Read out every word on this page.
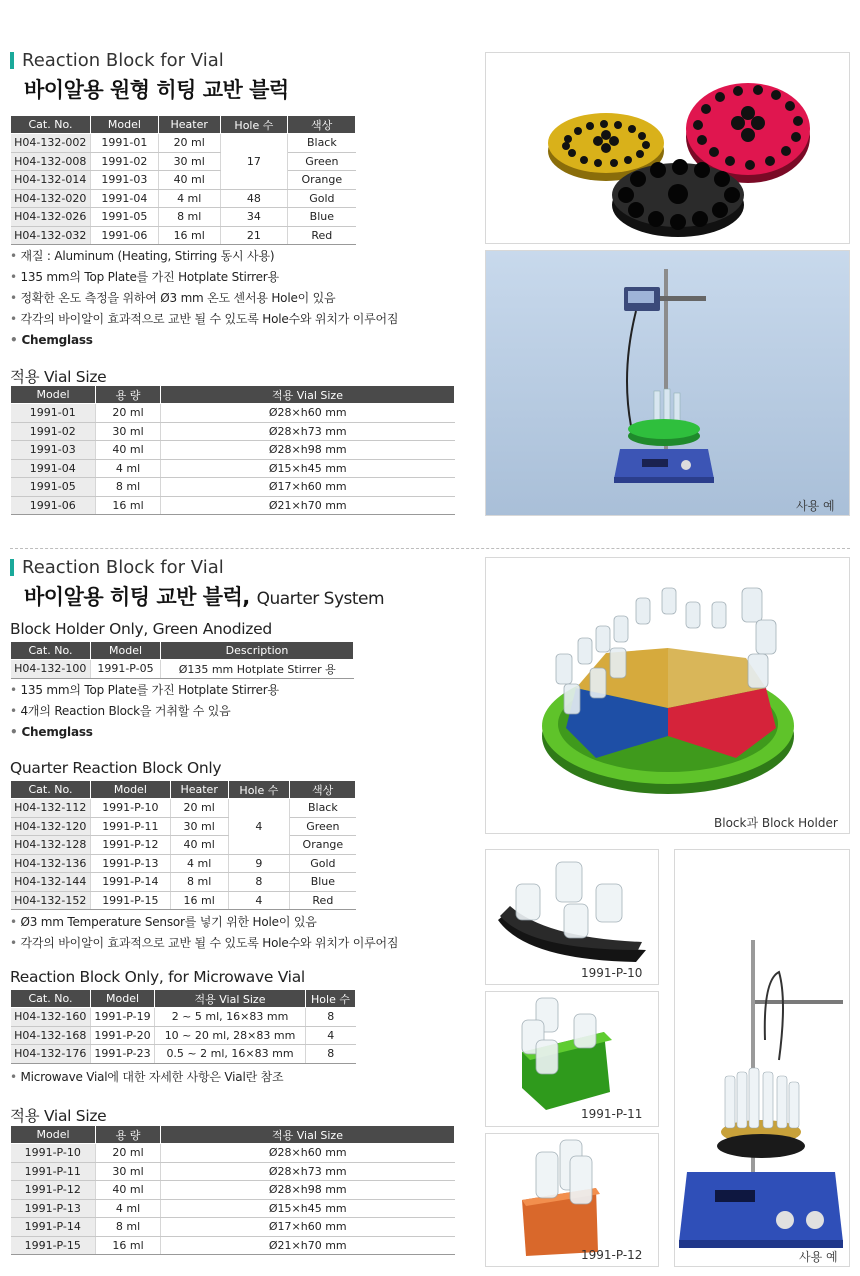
Reaction Block for Vial
바이알용 원형 히팅 교반 블럭
Cat. No.	Model	Heater	Hole 수	색상
H04-132-002	1991-01	20 ml	17	Black
H04-132-008	1991-02	30 ml		Green
H04-132-014	1991-03	40 ml		Orange
H04-132-020	1991-04	4 ml	48	Gold
H04-132-026	1991-05	8 ml	34	Blue
H04-132-032	1991-06	16 ml	21	Red
• 재질 : Aluminum (Heating, Stirring 동시 사용)
• 135 mm의 Top Plate를 가진 Hotplate Stirrer용
• 정확한 온도 측정을 위하여 Ø3 mm 온도 센서용 Hole이 있음
• 각각의 바이알이 효과적으로 교반 될 수 있도록 Hole수와 위치가 이루어짐
• Chemglass
적용 Vial Size
Model	용 량	적용 Vial Size
1991-01	20 ml	Ø28×h60 mm
1991-02	30 ml	Ø28×h73 mm
1991-03	40 ml	Ø28×h98 mm
1991-04	4 ml	Ø15×h45 mm
1991-05	8 ml	Ø17×h60 mm
1991-06	16 ml	Ø21×h70 mm	사용 예
Reaction Block for Vial
바이알용 히팅 교반 블럭, Quarter System
Block Holder Only, Green Anodized
Cat. No.	Model	Description
H04-132-100	1991-P-05	Ø135 mm Hotplate Stirrer 용
• 135 mm의 Top Plate를 가진 Hotplate Stirrer용
• 4개의 Reaction Block을 거취할 수 있음
• Chemglass
Quarter Reaction Block Only
Cat. No.	Model	Heater	Hole 수	색상
H04-132-112	1991-P-10	20 ml	4	Black
H04-132-120	1991-P-11	30 ml		Green
H04-132-128	1991-P-12	40 ml		Orange
H04-132-136	1991-P-13	4 ml	9	Gold
H04-132-144	1991-P-14	8 ml	8	Blue
H04-132-152	1991-P-15	16 ml	4	Red
• Ø3 mm Temperature Sensor를 넣기 위한 Hole이 있음
• 각각의 바이알이 효과적으로 교반 될 수 있도록 Hole수와 위치가 이루어짐
Reaction Block Only, for Microwave Vial
Cat. No.	Model	적용 Vial Size	Hole 수
H04-132-160	1991-P-19	2 ~ 5 ml, 16×83 mm	8
H04-132-168	1991-P-20	10 ~ 20 ml, 28×83 mm	4
H04-132-176	1991-P-23	0.5 ~ 2 ml, 16×83 mm	8
• Microwave Vial에 대한 자세한 사항은 Vial란 참조
적용 Vial Size
Model	용 량	적용 Vial Size
1991-P-10	20 ml	Ø28×h60 mm
1991-P-11	30 ml	Ø28×h73 mm
1991-P-12	40 ml	Ø28×h98 mm
1991-P-13	4 ml	Ø15×h45 mm
1991-P-14	8 ml	Ø17×h60 mm
1991-P-15	16 ml	Ø21×h70 mm
Block과 Block Holder
1991-P-10
1991-P-11
1991-P-12	사용 예
